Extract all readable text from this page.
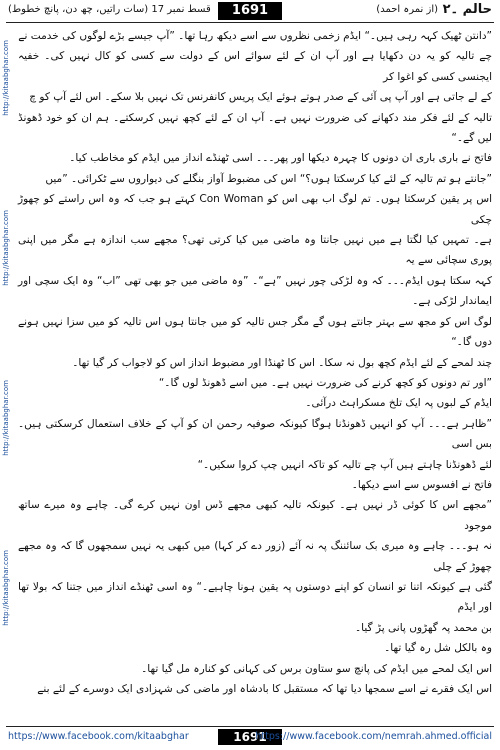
حالم ۔۲
(از نمرہ احمد)
1691
قسط نمبر 17 (سات راتیں، چھ دن، پانچ خطوط)
http://kitaabghar.com
http://kitaabghar.com
http://kitaabghar.com
http://kitaabghar.com

”دانتن ٹھیک کہہ رہی ہیں۔“ ایڈم زخمی نظروں سے اسے دیکھ رہا تھا۔ ”آپ جیسے بڑے لوگوں کی خدمت نے

چے تالیہ کو یہ دن دکھایا ہے اور آپ ان کے لئے سوائے اس کے دولت سے کسی کو کال نہیں کی۔ خفیہ ایجنسی کسی کو اغوا کر

کے لے جاتی ہے اور آپ پی آئی کے صدر ہوتے ہوئے ایک پریس کانفرنس تک نہیں بلا سکے۔ اس لئے آپ کو چ

تالیہ کے لئے فکر مند دکھانے کی ضرورت نہیں ہے۔ آپ ان کے لئے کچھ نہیں کرسکتے۔ ہم ان کو خود ڈھونڈ لیں گے۔“

فاتح نے باری باری ان دونوں کا چہرہ دیکھا اور پھر۔۔۔ اسی ٹھنڈے انداز میں ایڈم کو مخاطب کیا۔

”جانتے ہو تم تالیہ کے لئے کیا کرسکتا ہوں؟“ اس کی مضبوط آواز بنگلے کی دیواروں سے ٹکرائی۔ ”میں

اس پر یقین کرسکتا ہوں۔ تم لوگ اب بھی اس کو Con Woman کہتے ہو جب کہ وہ اس راستے کو چھوڑ چکی

ہے۔ تمہیں کیا لگتا ہے میں نہیں جانتا وہ ماضی میں کیا کرتی تھی؟ مجھے سب اندازہ ہے مگر میں اپنی پوری سچائی سے یہ

کہہ سکتا ہوں ایڈم۔۔۔ کہ وہ لڑکی چور نہیں ”ہے“۔ ”وہ ماضی میں جو بھی تھی ”اب“ وہ ایک سچی اور ایماندار لڑکی ہے۔

لوگ اس کو مجھ سے بہتر جانتے ہوں گے مگر جس تالیہ کو میں جانتا ہوں اس تالیہ کو میں سزا نہیں ہونے دوں گا۔“

چند لمحے کے لئے ایڈم کچھ بول نہ سکا۔ اس کا ٹھنڈا اور مضبوط انداز اس کو لاجواب کر گیا تھا۔

”اور تم دونوں کو کچھ کرنے کی ضرورت نہیں ہے۔ میں اسے ڈھونڈ لوں گا۔“

ایڈم کے لبوں پہ ایک تلخ مسکراہٹ درآئی۔

”ظاہر ہے۔۔۔ آپ کو انہیں ڈھونڈنا ہوگا کیونکہ صوفیہ رحمن ان کو آپ کے خلاف استعمال کرسکتی ہیں۔ بس اسی

لئے ڈھونڈنا چاہتے ہیں آپ چے تالیہ کو تاکہ انہیں چپ کروا سکیں۔“

فاتح نے افسوس سے اسے دیکھا۔

”مجھے اس کا کوئی ڈر نہیں ہے۔ کیونکہ تالیہ کبھی مجھے ڈس اون نہیں کرے گی۔ چاہے وہ میرے ساتھ موجود

نہ ہو۔۔۔ چاہے وہ میری بک سائننگ پہ نہ آئے (زور دے کر کہا) میں کبھی یہ نہیں سمجھوں گا کہ وہ مجھے چھوڑ کے چلی

گئی ہے کیونکہ اتنا تو انسان کو اپنے دوستوں پہ یقین ہونا چاہیے۔“ وہ اسی ٹھنڈے انداز میں جتنا کہ بولا تھا اور ایڈم

بن محمد پہ گھڑوں پانی پڑ گیا۔

وہ بالکل شل رہ گیا تھا۔

اس ایک لمحے میں ایڈم کی پانچ سو ستاون برس کی کہانی کو کنارہ مل گیا تھا۔

اس ایک فقرے نے اسے سمجھا دیا تھا کہ مستقبل کا بادشاہ اور ماضی کی شہزادی ایک دوسرے کے لئے بنے

https://www.facebook.com/kitaabghar	1691
https://www.facebook.com/nemrah.ahmed.official
